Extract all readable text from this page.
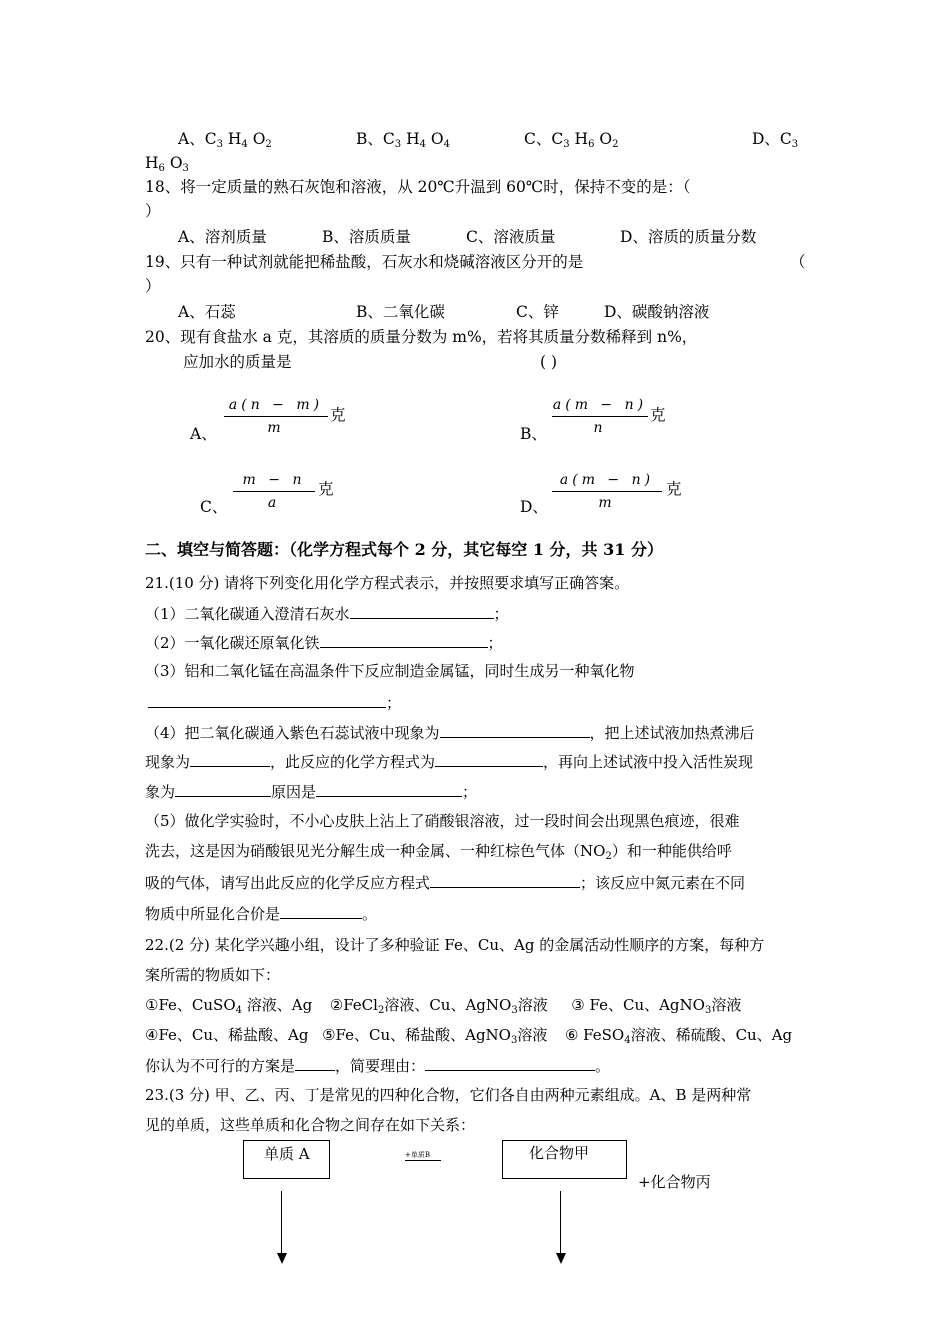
A、$C_3$ $H_4$ $O_2$	B、$C_3$ $H_4$ $O_4$	C、$C_3$ $H_6$ $O_2$	D、$C_3$
$H_6$ $O_3$
18、将一定质量的熟石灰饱和溶液，从 20℃升温到 60℃时，保持不变的是：（
）
A、溶剂质量	B、溶质质量	C、溶液质量	D、溶质的质量分数
19、只有一种试剂就能把稀盐酸，石灰水和烧碱溶液区分开的是	（
）
A、石蕊	B、二氧化碳	C、锌	D、碳酸钠溶液
20、现有食盐水 a 克，其溶质的质量分数为 m%，若将其质量分数稀释到 n%，
应加水的质量是	( )
A、
a(n − m)
m
克
B、
a(m − n)
n
克
C、
m − n
a
克
D、
a(m − n)
m
克
二、填空与简答题：（化学方程式每个 2 分，其它每空 1 分，共 31 分）
21.(10 分) 请将下列变化用化学方程式表示，并按照要求填写正确答案。
（1）二氧化碳通入澄清石灰水	；
（2）一氧化碳还原氧化铁	；
（3）铝和二氧化锰在高温条件下反应制造金属锰，同时生成另一种氧化物
；
（4）把二氧化碳通入紫色石蕊试液中现象为	，把上述试液加热煮沸后
现象为	，此反应的化学方程式为	，再向上述试液中投入活性炭现
象为	原因是	；
（5）做化学实验时，不小心皮肤上沾上了硝酸银溶液，过一段时间会出现黑色痕迹，很难
洗去，这是因为硝酸银见光分解生成一种金属、一种红棕色气体$(NO_2)$和一种能供给呼
吸的气体，请写出此反应的化学反应方程式	；该反应中氮元素在不同
物质中所显化合价是	。
22.(2 分) 某化学兴趣小组，设计了多种验证 Fe、Cu、Ag 的金属活动性顺序的方案，每种方
案所需的物质如下：
①Fe、CuSO$_4$ 溶液、Ag ②FeCl$_2$溶液、Cu、AgNO$_3$溶液 ③ Fe、Cu、AgNO$_3$溶液
④Fe、Cu、稀盐酸、Ag ⑤Fe、Cu、稀盐酸、AgNO$_3$溶液 ⑥ FeSO$_4$溶液、稀硫酸、Cu、Ag
你认为不可行的方案是	，简要理由：	。
23.(3 分) 甲、乙、丙、丁是常见的四种化合物，它们各自由两种元素组成。A、B 是两种常
见的单质，这些单质和化合物之间存在如下关系：
单质 A	+单质B	化合物甲
+化合物丙
